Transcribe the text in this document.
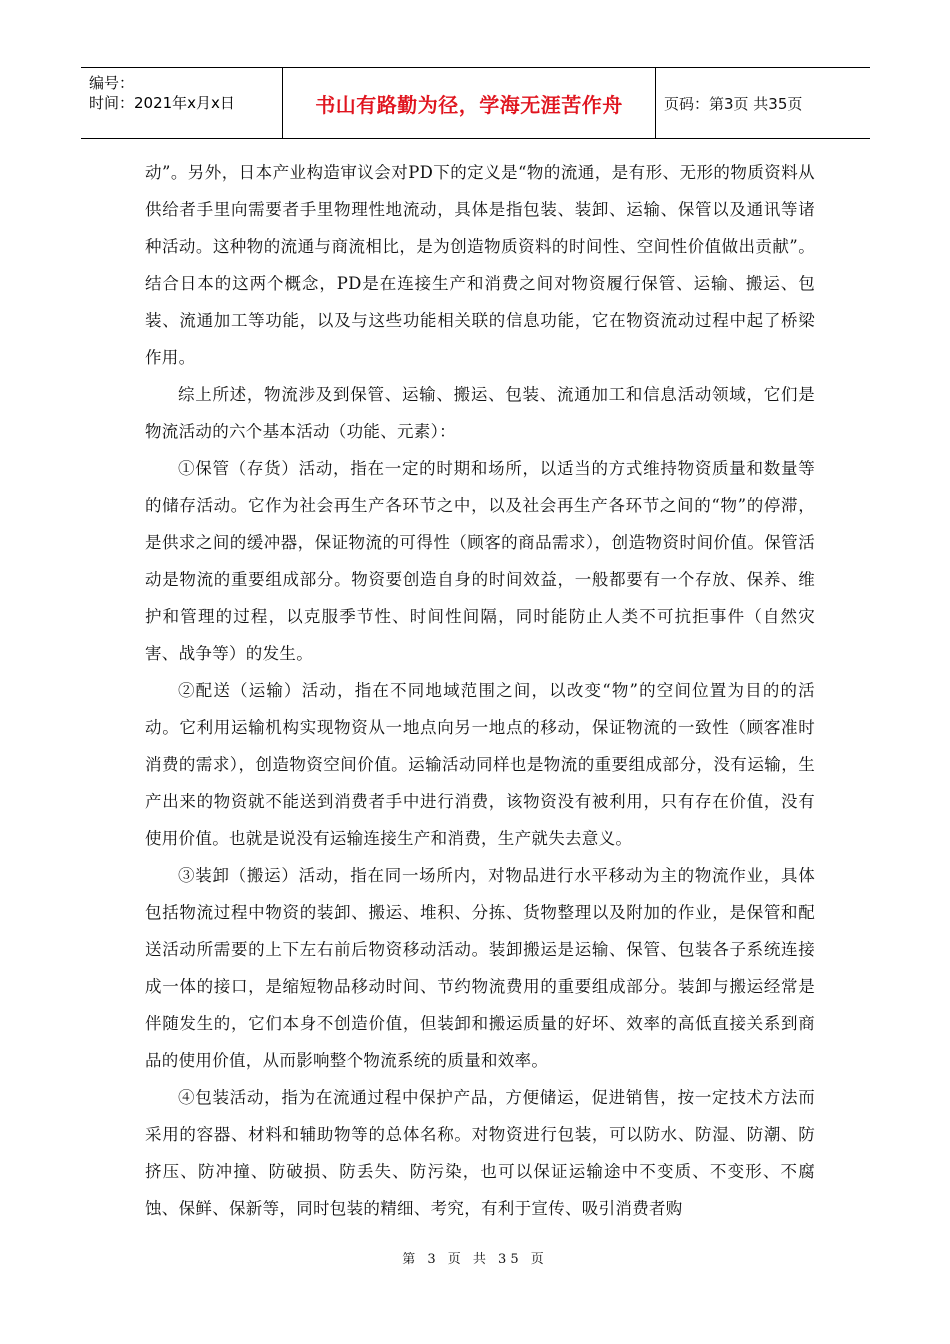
编号：
时间：2021年x月x日	书山有路勤为径，学海无涯苦作舟	页码：第3页 共35页

动”。另外，日本产业构造审议会对PD下的定义是“物的流通，是有形、无形的物质资料从供给者手里向需要者手里物理性地流动，具体是指包装、装卸、运输、保管以及通讯等诸种活动。这种物的流通与商流相比，是为创造物质资料的时间性、空间性价值做出贡献”。结合日本的这两个概念，PD是在连接生产和消费之间对物资履行保管、运输、搬运、包装、流通加工等功能，以及与这些功能相关联的信息功能，它在物资流动过程中起了桥梁作用。

综上所述，物流涉及到保管、运输、搬运、包装、流通加工和信息活动领域，它们是物流活动的六个基本活动（功能、元素）：

①保管（存货）活动，指在一定的时期和场所，以适当的方式维持物资质量和数量等的储存活动。它作为社会再生产各环节之中，以及社会再生产各环节之间的“物”的停滞，是供求之间的缓冲器，保证物流的可得性（顾客的商品需求），创造物资时间价值。保管活动是物流的重要组成部分。物资要创造自身的时间效益，一般都要有一个存放、保养、维护和管理的过程，以克服季节性、时间性间隔，同时能防止人类不可抗拒事件（自然灾害、战争等）的发生。

②配送（运输）活动，指在不同地域范围之间，以改变“物”的空间位置为目的的活动。它利用运输机构实现物资从一地点向另一地点的移动，保证物流的一致性（顾客准时消费的需求），创造物资空间价值。运输活动同样也是物流的重要组成部分，没有运输，生产出来的物资就不能送到消费者手中进行消费，该物资没有被利用，只有存在价值，没有使用价值。也就是说没有运输连接生产和消费，生产就失去意义。

③装卸（搬运）活动，指在同一场所内，对物品进行水平移动为主的物流作业，具体包括物流过程中物资的装卸、搬运、堆积、分拣、货物整理以及附加的作业，是保管和配送活动所需要的上下左右前后物资移动活动。装卸搬运是运输、保管、包装各子系统连接成一体的接口，是缩短物品移动时间、节约物流费用的重要组成部分。装卸与搬运经常是伴随发生的，它们本身不创造价值，但装卸和搬运质量的好坏、效率的高低直接关系到商品的使用价值，从而影响整个物流系统的质量和效率。

④包装活动，指为在流通过程中保护产品，方便储运，促进销售，按一定技术方法而采用的容器、材料和辅助物等的总体名称。对物资进行包装，可以防水、防湿、防潮、防挤压、防冲撞、防破损、防丢失、防污染，也可以保证运输途中不变质、不变形、不腐蚀、保鲜、保新等，同时包装的精细、考究，有利于宣传、吸引消费者购

第 3 页 共 35 页
